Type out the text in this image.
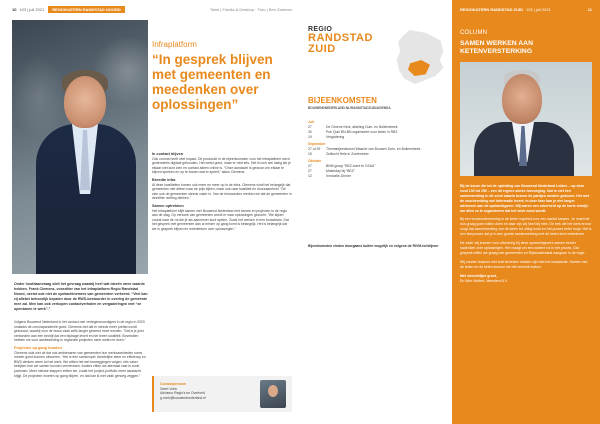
10 103 | juli 2021	REGIOKATERN RANDSTAD NOORD	Tekst | Fotolia & Desktop · Foto | Ben Zammer
Onder hoofdaanvraag stelt het gevraag waarbij heel wat ideeën meer waarde hebben. Frank Clemens, voorzitter van het infraplatform Regio Randstad Noord, neemt ook niet de opdrachtnemers van gemeenten verkeerd. “Veel kan zij allebei behoorlijk bepalen door de RWS-bestuurder in overleg de gemeente mee zal. Men kan ook verkopen contactverhalen en vergaderingen met “ze openbaren te werk”.”

Volgens Bouwend Nederland is het contact met vertegenwoordigers in de regio in 2020 ondanks de coronapandemie goed. Clemens ziet dat er steeds meer prefab wordt gebouwd, waarbij voor de bouw vaak zelfs langer gewerkt moet worden. “Dat is je juist verbonden aan een bedrijf dat een bijdrage levert en het levert kwaliteit. Bovendien hebben we voor aanbesteding in regionale projecten meer weten te doen.”

Projecten op gang houden

Clemens sluit niet uit dat ook ambtenaren van gemeenten hun werkzaamheden soms minder goed kunnen uitvoeren. “Het is een samenspel. Ambtelijke sfeer en efficiency en BWS-denken wees tot het werk. We willen het wel toezeggingen volgen, iets vaker bekijken hoe we samen kunnen vernieuwen. Anders zitten we allemaal vast in oude patronen. Meer nieuwe stappen zetten we, zodat het project-portfolio meer aandacht krijgt. De projecten moeten op gang blijven, en dat kan ik niet vaak genoeg zeggen.”

Infraplatform
“In gesprek blijven met gemeenten en meedenken over oplossingen”
In contact blijven

Ook corona heeft veel impact. De productie in de bijeenkomsten voor het infraplatform werd grotendeels digitaal gehouden. Het werkt goed, maar er mist iets. Het is toch wel lastig als je elkaar niet kunt zien en contact alleen online is. “Onze aandacht is gewoon om elkaar te blijven spreken en op te lossen wat er speelt,” aldus Clemens.

Breedte infra

Al deze kwaliteiten komen ook meer en meer op in de infra. Clemens vindt het belangrijk dat gemeenten niet alleen naar de prijs kijken, maar ook naar kwaliteit en duurzaamheid. “Dit zien ook de gemeenten steeds vaker in. Van de bestuurders merken we dat de gemeenten in dezelfde richting denken.”

Samen optrekken

Het infraplatform blijft samen met Bouwend Nederland met kennis en projecten in de regio aan de slag. Op verzoek van gemeenten wordt er naar oplossingen gezocht. “We kijken vooral naar de rol die je als aannemer kunt spelen. Zoals het werken in een bouwteam. Dat het gesprek met gemeenten dan al eerder op gang komt is belangrijk. Het is belangrijk dat we in gesprek blijven en meedenken over oplossingen.”

Contactpersoon
Geert Vonk
Adviseur Regio's en Overheid
g.vonk@bouwendnederland.nl
REGIO
RANDSTAD
ZUID
BIJEENKOMSTEN
BOUWENDNEDERLAND.NL/RANDSTADZUID/AGENDA
Juli
27	De Groene Kerk, afdeling Duin- en Bollenstreek
30	Pub Quiz BN-BN organiseert voor leden in RBZ
19	Vergadering
September
27 of 29	Themabijeenkomst Waarde van Bouwen Duin- en Bollenstreek
15	Zeiltocht Hele in Zoetermeer
Oktober
27	BNM group “BEZ-komt te GZ&A”
27	Matchday bij “BEZ”
12	Innovatie-Dinner
Bijeenkomsten vinden doorgaans buiten mogelijk en volgens de RIVM-richtlijnen
REGIOKATERN RANDSTAD ZUID 103 | juli 2021	11
COLUMN
SAMEN WERKEN AAN KETENVERSTERKING

Bij de keuze die tot de opleiding van Bouwend Nederland Leiden – op deze rond 100 tot 250 – een lid ergens sterke toevoeging. Dat is niet een samenwerking in de vorm waarin tussen de partijen worden gekozen. Het met de voorbereiding wel informatie levert; in deze fase kan je niet langer adviseren aan de opdrachtgever. Wij waren een zekerheid op de korte termijn om alles zo te organiseren dat het werk mooi wordt.

Bij een bouwonderneming is de keten ingebed voor een aantal kansen. Je moet het dus graag goed willen doen en daar zijn wij heel blij mee. De trek die het werk ervoor zorgt dat samenwerking van de keten tot uiting komt en het proces beter loopt. Het is een leerproces dat je in een goede samenwerking met de keten kunt verbeteren.

De zaak: wij kunnen voor uitvoering bij deze opdrachtgevers samen eerder nadenken over oplossingen. Het vraagt om een andere rol in het proces. Dat gesprek willen we graag met gemeenten en Rijkswaterstaat aangaan in de regio.

Wij zouden daarom niet snel tevreden moeten zijn met het bestaande. Samen met de leden en de keten kunnen we het verschil maken.

Met vriendelijke groet,
En Wim Wolfert, Meesters B.V.
